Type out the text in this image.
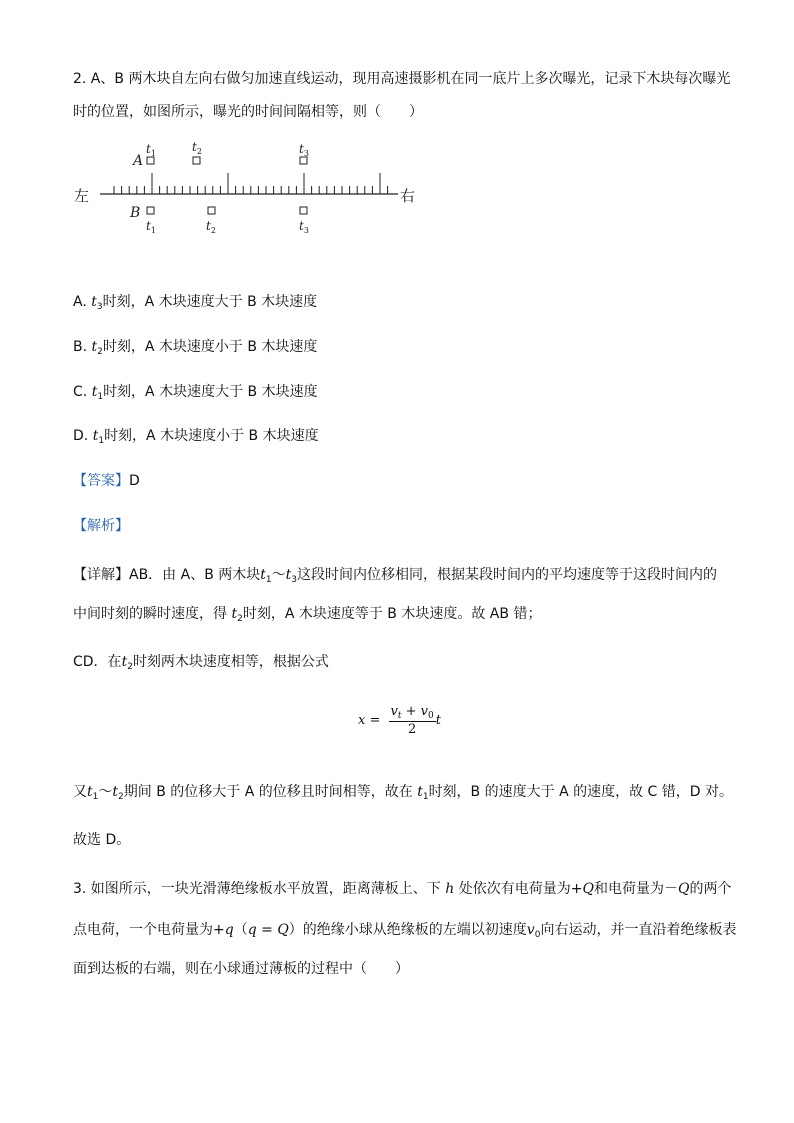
2. A、B 两木块自左向右做匀加速直线运动，现用高速摄影机在同一底片上多次曝光，记录下木块每次曝光
时的位置，如图所示，曝光的时间间隔相等，则（　　）
左	右
A
$t_1$	$t_2$	$t_3$
B
$t_1$	$t_2$	$t_3$
A. $t_3$时刻，A 木块速度大于 B 木块速度
B. $t_2$时刻，A 木块速度小于 B 木块速度
C. $t_1$时刻，A 木块速度大于 B 木块速度
D. $t_1$时刻，A 木块速度小于 B 木块速度
【答案】D
【解析】
【详解】AB．由 A、B 两木块$t_1\sim t_3$这段时间内位移相同，根据某段时间内的平均速度等于这段时间内的
中间时刻的瞬时速度，得 $t_2$时刻，A 木块速度等于 B 木块速度。故 AB 错；
CD．在$t_2$时刻两木块速度相等，根据公式
$x = \frac{v_t + v_0}{2}$ t
又$t_1\sim t_2$期间 B 的位移大于 A 的位移且时间相等，故在 $t_1$时刻，B 的速度大于 A 的速度，故 C 错，D 对。
故选 D。
3. 如图所示，一块光滑薄绝缘板水平放置，距离薄板上、下 h 处依次有电荷量为+Q和电荷量为－Q的两个
点电荷，一个电荷量为+q（q = Q）的绝缘小球从绝缘板的左端以初速度$v_0$向右运动，并一直沿着绝缘板表
面到达板的右端，则在小球通过薄板的过程中（　　）
